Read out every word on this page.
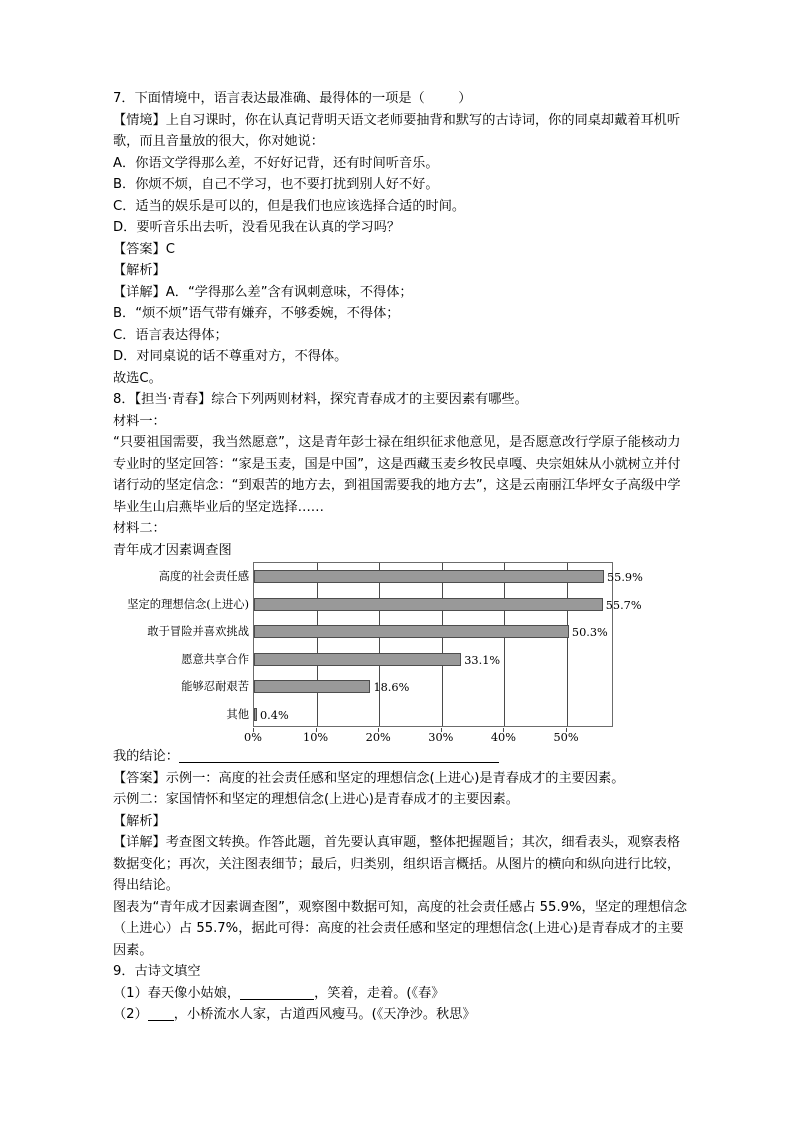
7．下面情境中，语言表达最准确、最得体的一项是（        ）
【情境】上自习课时，你在认真记背明天语文老师要抽背和默写的古诗词，你的同桌却戴着耳机听歌，而且音量放的很大，你对她说：
A．你语文学得那么差，不好好记背，还有时间听音乐。
B．你烦不烦，自己不学习，也不要打扰到别人好不好。
C．适当的娱乐是可以的，但是我们也应该选择合适的时间。
D．要听音乐出去听，没看见我在认真的学习吗？
【答案】C
【解析】
【详解】A．“学得那么差”含有讽刺意味，不得体；
B．“烦不烦”语气带有嫌弃，不够委婉，不得体；
C．语言表达得体；
D．对同桌说的话不尊重对方，不得体。
故选C。
8．【担当·青春】综合下列两则材料，探究青春成才的主要因素有哪些。
材料一：
“只要祖国需要，我当然愿意”，这是青年彭士禄在组织征求他意见，是否愿意改行学原子能核动力专业时的坚定回答：“家是玉麦，国是中国”，这是西藏玉麦乡牧民卓嘎、央宗姐妹从小就树立并付诸行动的坚定信念：“到艰苦的地方去，到祖国需要我的地方去”，这是云南丽江华坪女子高级中学毕业生山启燕毕业后的坚定选择……
材料二：
青年成才因素调查图
高度的社会责任感
坚定的理想信念(上进心)
敢于冒险并喜欢挑战
愿意共享合作
能够忍耐艰苦
其他
55.9%
55.7%
50.3%
33.1%
18.6%
0.4%
0%	10%	20%	30%	40%	50%
我的结论：
【答案】示例一：高度的社会责任感和坚定的理想信念(上进心)是青春成才的主要因素。
示例二：家国情怀和坚定的理想信念(上进心)是青春成才的主要因素。
【解析】
【详解】考查图文转换。作答此题，首先要认真审题，整体把握题旨；其次，细看表头，观察表格数据变化；再次，关注图表细节；最后，归类别，组织语言概括。从图片的横向和纵向进行比较，得出结论。
图表为“青年成才因素调查图”，观察图中数据可知，高度的社会责任感占 55.9%，坚定的理想信念（上进心）占 55.7%，据此可得：高度的社会责任感和坚定的理想信念(上进心)是青春成才的主要因素。
9．古诗文填空
（1）春天像小姑娘，	，笑着，走着。(《春》
（2） ，小桥流水人家，古道西风瘦马。(《天净沙。秋思》
